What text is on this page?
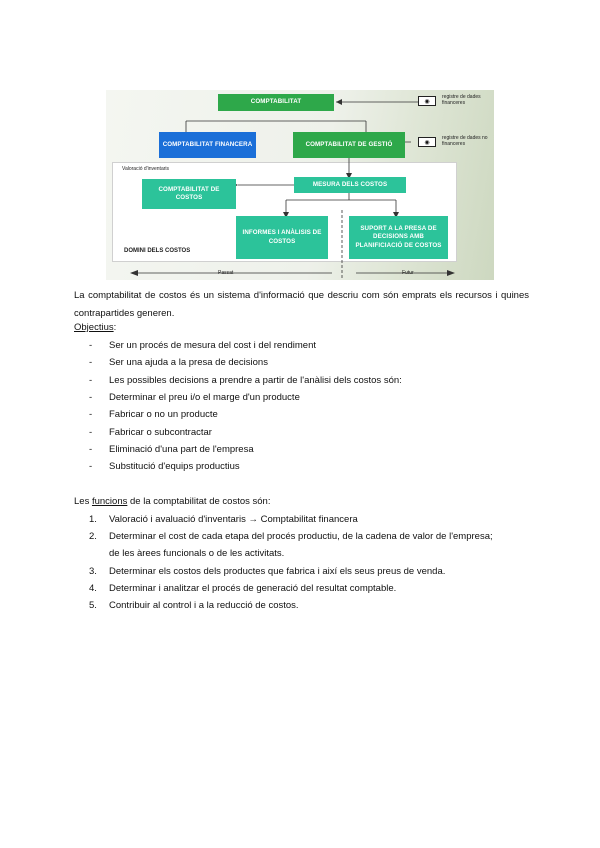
Valoració d'inventaris
DOMINI DELS COSTOS
COMPTABILITAT
COMPTABILITAT FINANCERA	COMPTABILITAT DE GESTIÓ
MESURA DELS COSTOS
COMPTABILITAT DE COSTOS
INFORMES I ANÀLISIS DE COSTOS
SUPORT A LA PRESA DE DECISIONS AMB PLANIFICIACIÓ DE COSTOS
◉
registre de dades financeres
◉
registre de dades no financeres
Passat	Futur
La comptabilitat de costos és un sistema d'informació que descriu com són emprats els recursos i quines contrapartides generen.
Objectius:
- Ser un procés de mesura del cost i del rendiment
- Ser una ajuda a la presa de decisions
- Les possibles decisions a prendre a partir de l'anàlisi dels costos són:
- Determinar el preu i/o el marge d'un producte
- Fabricar o no un producte
- Fabricar o subcontractar
- Eliminació d'una part de l'empresa
- Substitució d'equips productius
Les funcions de la comptabilitat de costos són:
1. Valoració i avaluació d'inventaris → Comptabilitat financera
2. Determinar el cost de cada etapa del procés productiu, de la cadena de valor de l'empresa;
de les àrees funcionals o de les activitats.
3. Determinar els costos dels productes que fabrica i així els seus preus de venda.
4. Determinar i analitzar el procés de generació del resultat comptable.
5. Contribuir al control i a la reducció de costos.
